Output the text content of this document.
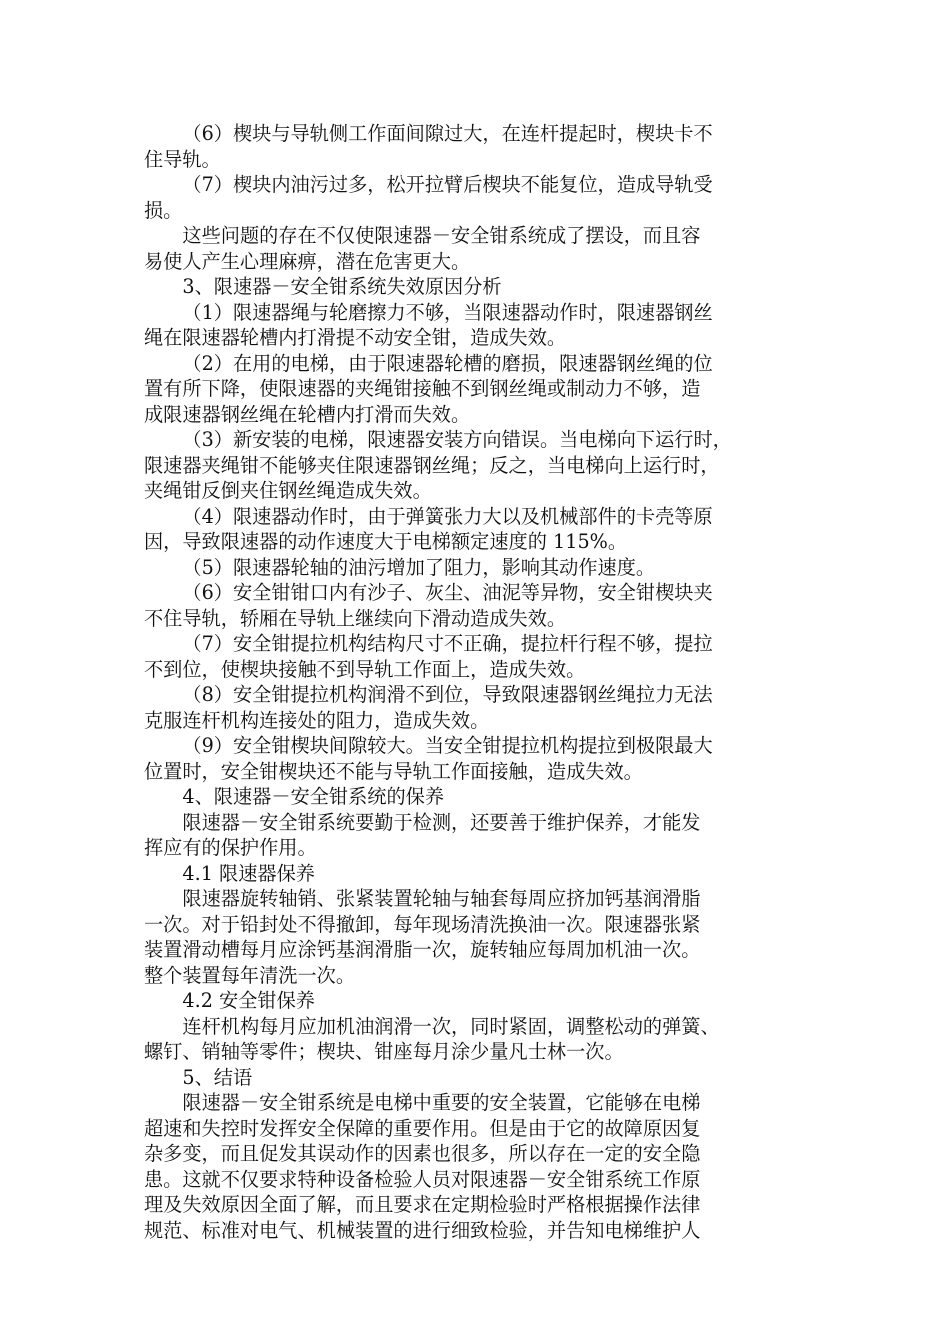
（6）楔块与导轨侧工作面间隙过大，在连杆提起时，楔块卡不
住导轨。
（7）楔块内油污过多，松开拉臂后楔块不能复位，造成导轨受
损。
这些问题的存在不仅使限速器－安全钳系统成了摆设，而且容
易使人产生心理麻痹，潜在危害更大。
3、限速器－安全钳系统失效原因分析
（1）限速器绳与轮磨擦力不够，当限速器动作时，限速器钢丝
绳在限速器轮槽内打滑提不动安全钳，造成失效。
（2）在用的电梯，由于限速器轮槽的磨损，限速器钢丝绳的位
置有所下降，使限速器的夹绳钳接触不到钢丝绳或制动力不够，造
成限速器钢丝绳在轮槽内打滑而失效。
（3）新安装的电梯，限速器安装方向错误。当电梯向下运行时，
限速器夹绳钳不能够夹住限速器钢丝绳；反之，当电梯向上运行时，
夹绳钳反倒夹住钢丝绳造成失效。
（4）限速器动作时，由于弹簧张力大以及机械部件的卡壳等原
因，导致限速器的动作速度大于电梯额定速度的 115%。
（5）限速器轮轴的油污增加了阻力，影响其动作速度。
（6）安全钳钳口内有沙子、灰尘、油泥等异物，安全钳楔块夹
不住导轨，轿厢在导轨上继续向下滑动造成失效。
（7）安全钳提拉机构结构尺寸不正确，提拉杆行程不够，提拉
不到位，使楔块接触不到导轨工作面上，造成失效。
（8）安全钳提拉机构润滑不到位，导致限速器钢丝绳拉力无法
克服连杆机构连接处的阻力，造成失效。
（9）安全钳楔块间隙较大。当安全钳提拉机构提拉到极限最大
位置时，安全钳楔块还不能与导轨工作面接触，造成失效。
4、限速器－安全钳系统的保养
限速器－安全钳系统要勤于检测，还要善于维护保养，才能发
挥应有的保护作用。
4.1 限速器保养
限速器旋转轴销、张紧装置轮轴与轴套每周应挤加钙基润滑脂
一次。对于铅封处不得撤卸，每年现场清洗换油一次。限速器张紧
装置滑动槽每月应涂钙基润滑脂一次，旋转轴应每周加机油一次。
整个装置每年清洗一次。
4.2 安全钳保养
连杆机构每月应加机油润滑一次，同时紧固，调整松动的弹簧、
螺钉、销轴等零件；楔块、钳座每月涂少量凡士林一次。
5、结语
限速器－安全钳系统是电梯中重要的安全装置，它能够在电梯
超速和失控时发挥安全保障的重要作用。但是由于它的故障原因复
杂多变，而且促发其误动作的因素也很多，所以存在一定的安全隐
患。这就不仅要求特种设备检验人员对限速器－安全钳系统工作原
理及失效原因全面了解，而且要求在定期检验时严格根据操作法律
规范、标准对电气、机械装置的进行细致检验，并告知电梯维护人
